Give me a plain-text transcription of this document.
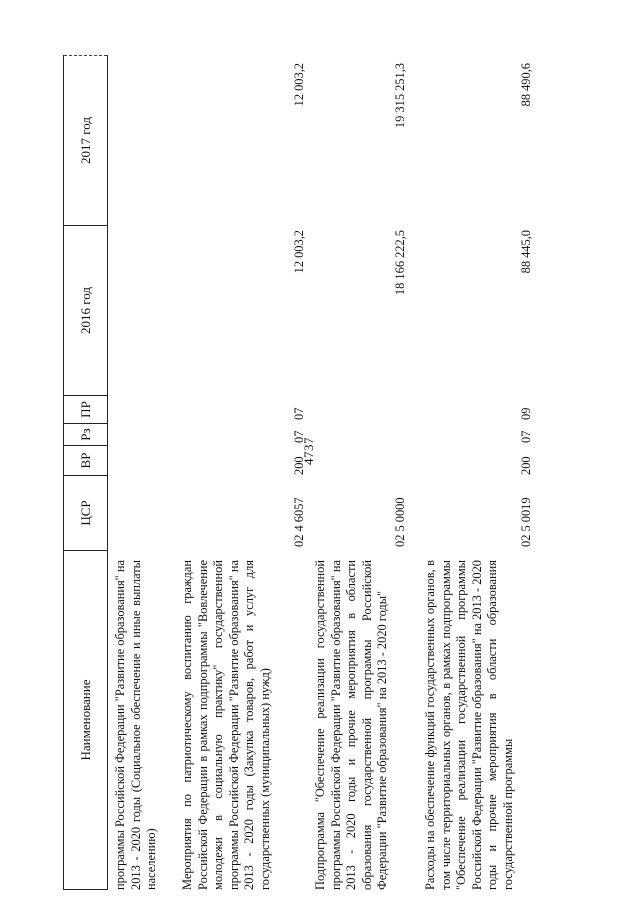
4737
Наименование
ЦСР
ВР
Рз
ПР
2016 год
2017 год
программы Российской Федерации "Развитие образования" на 2013 - 2020 годы (Социальное обеспечение и иные выплаты населению) Мероприятия по патриотическому воспитанию граждан Российской Федерации в рамках подпрограммы "Вовлечение молодежи в социальную практику" государственной программы Российской Федерации "Развитие образования" на 2013 - 2020 годы (Закупка товаров, работ и услуг для государственных (муниципальных) нужд)
02 4 6057
200
07
07
12 003,2
12 003,2
Подпрограмма "Обеспечение реализации государственной программы Российской Федерации "Развитие образования" на 2013 - 2020 годы и прочие мероприятия в области образования государственной программы Российской Федерации "Развитие образования" на 2013 - 2020 годы"
02 5 0000
18 166 222,5
19 315 251,3
Расходы на обеспечение функций государственных органов, в том числе территориальных органов, в рамках подпрограммы "Обеспечение реализации государственной программы Российской Федерации "Развитие образования" на 2013 - 2020 годы и прочие мероприятия в области образования государственной программы
02 5 0019
200
07
09
88 445,0
88 490,6
